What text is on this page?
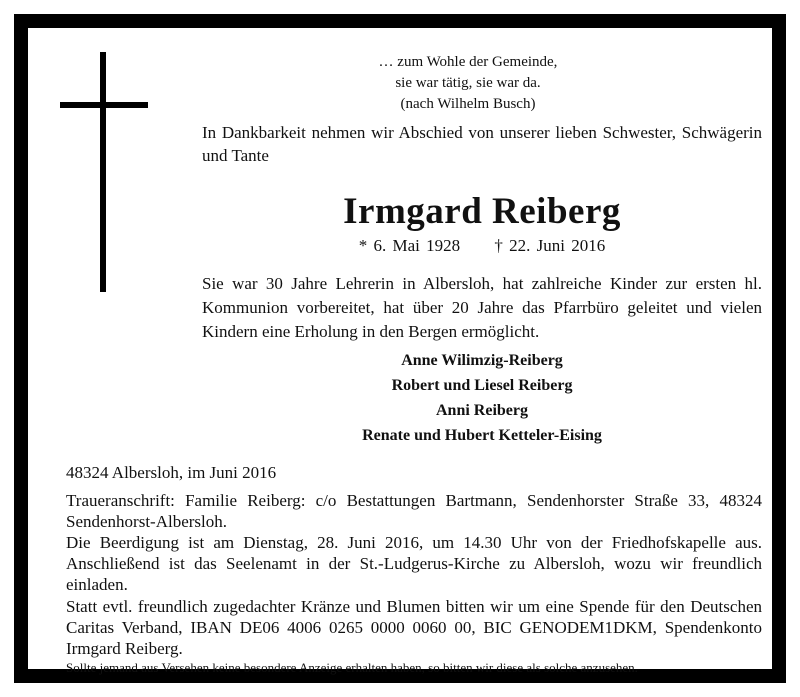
… zum Wohle der Gemeinde,
sie war tätig, sie war da.
(nach Wilhelm Busch)
In Dankbarkeit nehmen wir Abschied von unserer lieben Schwester, Schwägerin und Tante
Irmgard Reiberg
* 6. Mai 1928 † 22. Juni 2016
Sie war 30 Jahre Lehrerin in Albersloh, hat zahlreiche Kinder zur ersten hl. Kommunion vorbereitet, hat über 20 Jahre das Pfarrbüro geleitet und vielen Kindern eine Erholung in den Bergen ermöglicht.
Anne Wilimzig-Reiberg
Robert und Liesel Reiberg
Anni Reiberg
Renate und Hubert Ketteler-Eising
48324 Albersloh, im Juni 2016
Traueranschrift: Familie Reiberg: c/o Bestattungen Bartmann, Sendenhorster Straße 33, 48324 Sendenhorst-Albersloh.
Die Beerdigung ist am Dienstag, 28. Juni 2016, um 14.30 Uhr von der Friedhofskapelle aus. Anschließend ist das Seelenamt in der St.-Ludgerus-Kirche zu Albersloh, wozu wir freundlich einladen.
Statt evtl. freundlich zugedachter Kränze und Blumen bitten wir um eine Spende für den Deutschen Caritas Verband, IBAN DE06 4006 0265 0000 0060 00, BIC GENODEM1DKM, Spendenkonto Irmgard Reiberg.
Sollte jemand aus Versehen keine besondere Anzeige erhalten haben, so bitten wir diese als solche anzusehen.
